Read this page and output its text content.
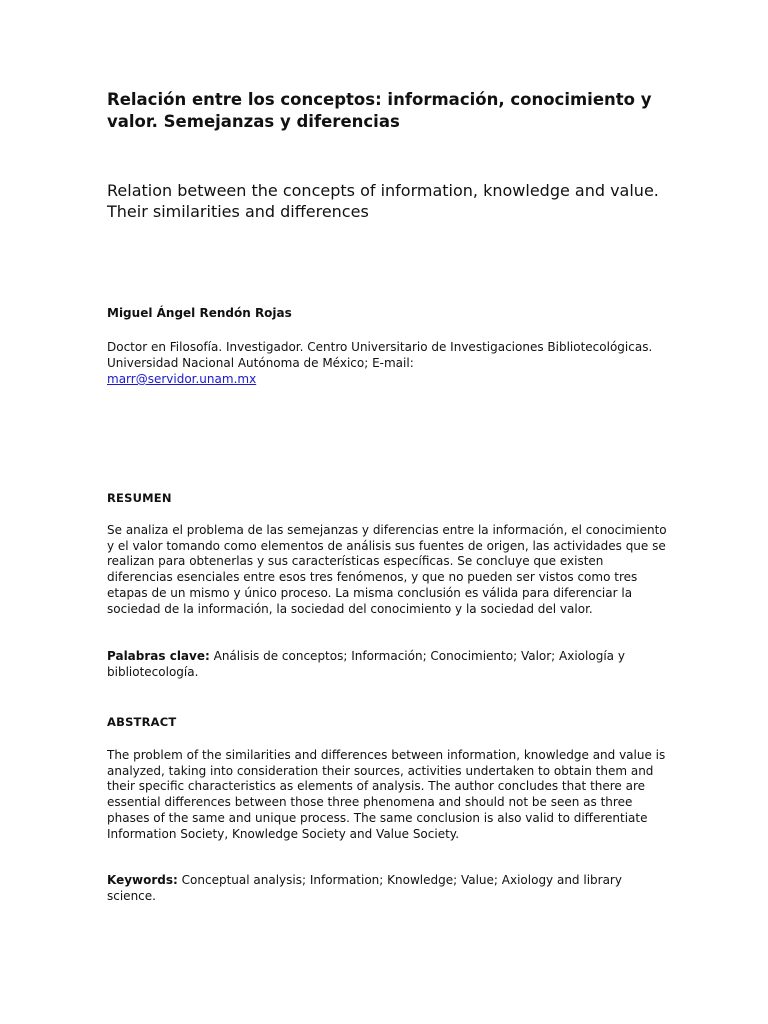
Relación entre los conceptos: información, conocimiento y valor. Semejanzas y diferencias
Relation between the concepts of information, knowledge and value. Their similarities and differences
Miguel Ángel Rendón Rojas
Doctor en Filosofía. Investigador. Centro Universitario de Investigaciones Bibliotecológicas. Universidad Nacional Autónoma de México; E-mail:
marr@servidor.unam.mx
RESUMEN

Se analiza el problema de las semejanzas y diferencias entre la información, el conocimiento y el valor tomando como elementos de análisis sus fuentes de origen, las actividades que se realizan para obtenerlas y sus características específicas. Se concluye que existen diferencias esenciales entre esos tres fenómenos, y que no pueden ser vistos como tres etapas de un mismo y único proceso. La misma conclusión es válida para diferenciar la sociedad de la información, la sociedad del conocimiento y la sociedad del valor.

Palabras clave: Análisis de conceptos; Información; Conocimiento; Valor; Axiología y bibliotecología.

ABSTRACT

The problem of the similarities and differences between information, knowledge and value is analyzed, taking into consideration their sources, activities undertaken to obtain them and their specific characteristics as elements of analysis. The author concludes that there are essential differences between those three phenomena and should not be seen as three phases of the same and unique process. The same conclusion is also valid to differentiate Information Society, Knowledge Society and Value Society.

Keywords: Conceptual analysis; Information; Knowledge; Value; Axiology and library science.
